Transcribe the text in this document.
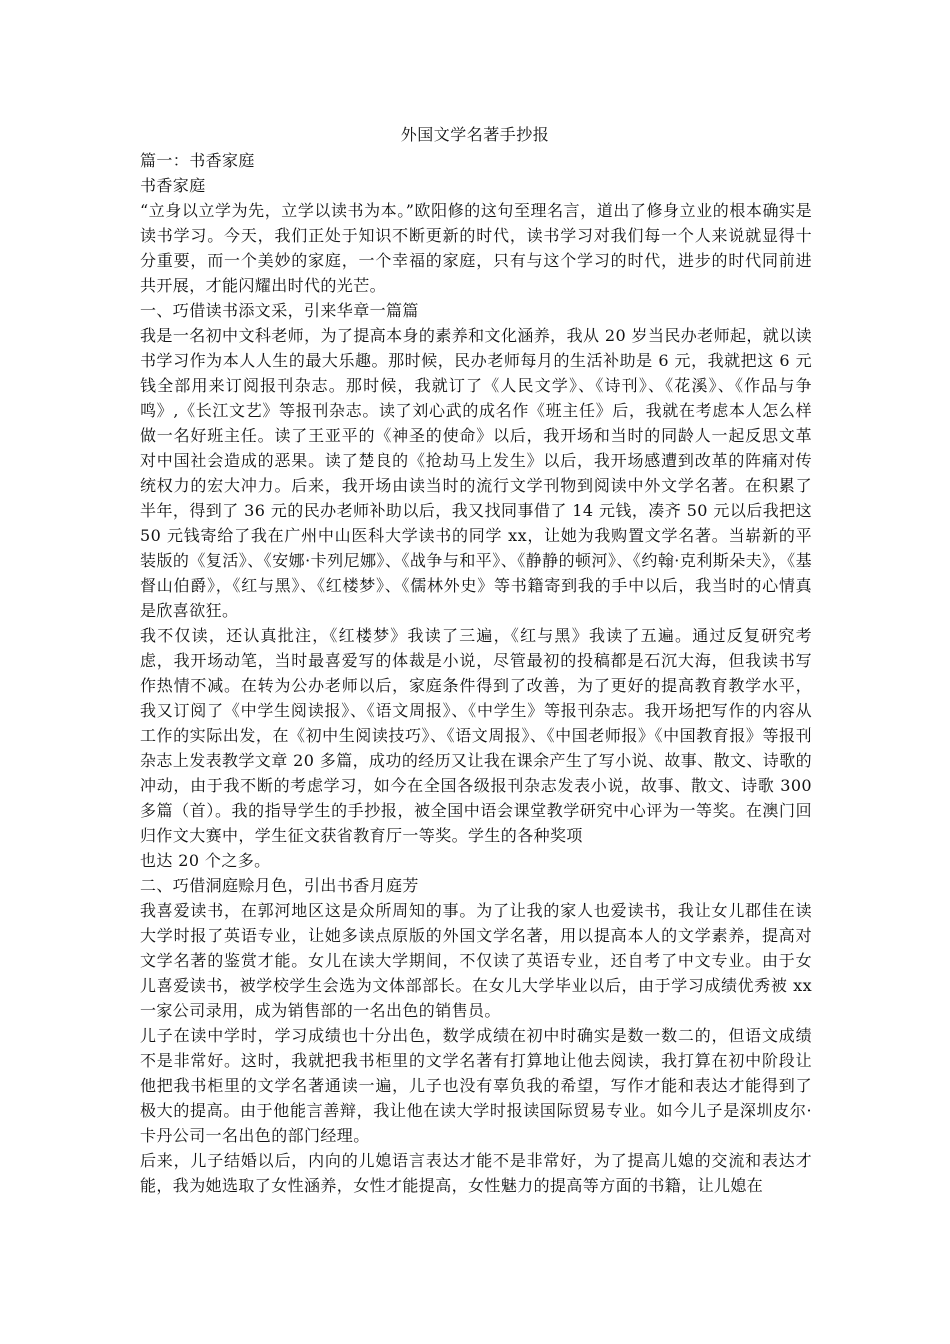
外国文学名著手抄报

篇一：书香家庭

书香家庭

“立身以立学为先，立学以读书为本。”欧阳修的这句至理名言，道出了修身立业的根本确实是读书学习。今天，我们正处于知识不断更新的时代，读书学习对我们每一个人来说就显得十分重要，而一个美妙的家庭，一个幸福的家庭，只有与这个学习的时代，进步的时代同前进共开展，才能闪耀出时代的光芒。

一、巧借读书添文采，引来华章一篇篇

我是一名初中文科老师，为了提高本身的素养和文化涵养，我从 20 岁当民办老师起，就以读书学习作为本人人生的最大乐趣。那时候，民办老师每月的生活补助是 6 元，我就把这 6 元钱全部用来订阅报刊杂志。那时候，我就订了《人民文学》、《诗刊》、《花溪》、《作品与争鸣》,《长江文艺》等报刊杂志。读了刘心武的成名作《班主任》后，我就在考虑本人怎么样做一名好班主任。读了王亚平的《神圣的使命》以后，我开场和当时的同龄人一起反思文革对中国社会造成的恶果。读了楚良的《抢劫马上发生》以后，我开场感遭到改革的阵痛对传统权力的宏大冲力。后来，我开场由读当时的流行文学刊物到阅读中外文学名著。在积累了半年，得到了 36 元的民办老师补助以后，我又找同事借了 14 元钱，凑齐 50 元以后我把这 50 元钱寄给了我在广州中山医科大学读书的同学 xx，让她为我购置文学名著。当崭新的平装版的《复活》、《安娜·卡列尼娜》、《战争与和平》、《静静的顿河》、《约翰·克利斯朵夫》，《基督山伯爵》，《红与黑》、《红楼梦》、《儒林外史》等书籍寄到我的手中以后，我当时的心情真是欣喜欲狂。

我不仅读，还认真批注，《红楼梦》我读了三遍，《红与黑》我读了五遍。通过反复研究考虑，我开场动笔，当时最喜爱写的体裁是小说，尽管最初的投稿都是石沉大海，但我读书写作热情不减。在转为公办老师以后，家庭条件得到了改善，为了更好的提高教育教学水平，我又订阅了《中学生阅读报》、《语文周报》、《中学生》等报刊杂志。我开场把写作的内容从工作的实际出发，在《初中生阅读技巧》、《语文周报》、《中国老师报》《中国教育报》等报刊杂志上发表教学文章 20 多篇，成功的经历又让我在课余产生了写小说、故事、散文、诗歌的冲动，由于我不断的考虑学习，如今在全国各级报刊杂志发表小说，故事、散文、诗歌 300 多篇（首）。我的指导学生的手抄报，被全国中语会课堂教学研究中心评为一等奖。在澳门回归作文大赛中，学生征文获省教育厅一等奖。学生的各种奖项

也达 20 个之多。

二、巧借洞庭赊月色，引出书香月庭芳

我喜爱读书，在郭河地区这是众所周知的事。为了让我的家人也爱读书，我让女儿郡佳在读大学时报了英语专业，让她多读点原版的外国文学名著，用以提高本人的文学素养，提高对文学名著的鉴赏才能。女儿在读大学期间，不仅读了英语专业，还自考了中文专业。由于女儿喜爱读书，被学校学生会选为文体部部长。在女儿大学毕业以后，由于学习成绩优秀被 xx 一家公司录用，成为销售部的一名出色的销售员。

儿子在读中学时，学习成绩也十分出色，数学成绩在初中时确实是数一数二的，但语文成绩不是非常好。这时，我就把我书柜里的文学名著有打算地让他去阅读，我打算在初中阶段让他把我书柜里的文学名著通读一遍，儿子也没有辜负我的希望，写作才能和表达才能得到了极大的提高。由于他能言善辩，我让他在读大学时报读国际贸易专业。如今儿子是深圳皮尔·卡丹公司一名出色的部门经理。

后来，儿子结婚以后，内向的儿媳语言表达才能不是非常好，为了提高儿媳的交流和表达才能，我为她选取了女性涵养，女性才能提高，女性魅力的提高等方面的书籍，让儿媳在
